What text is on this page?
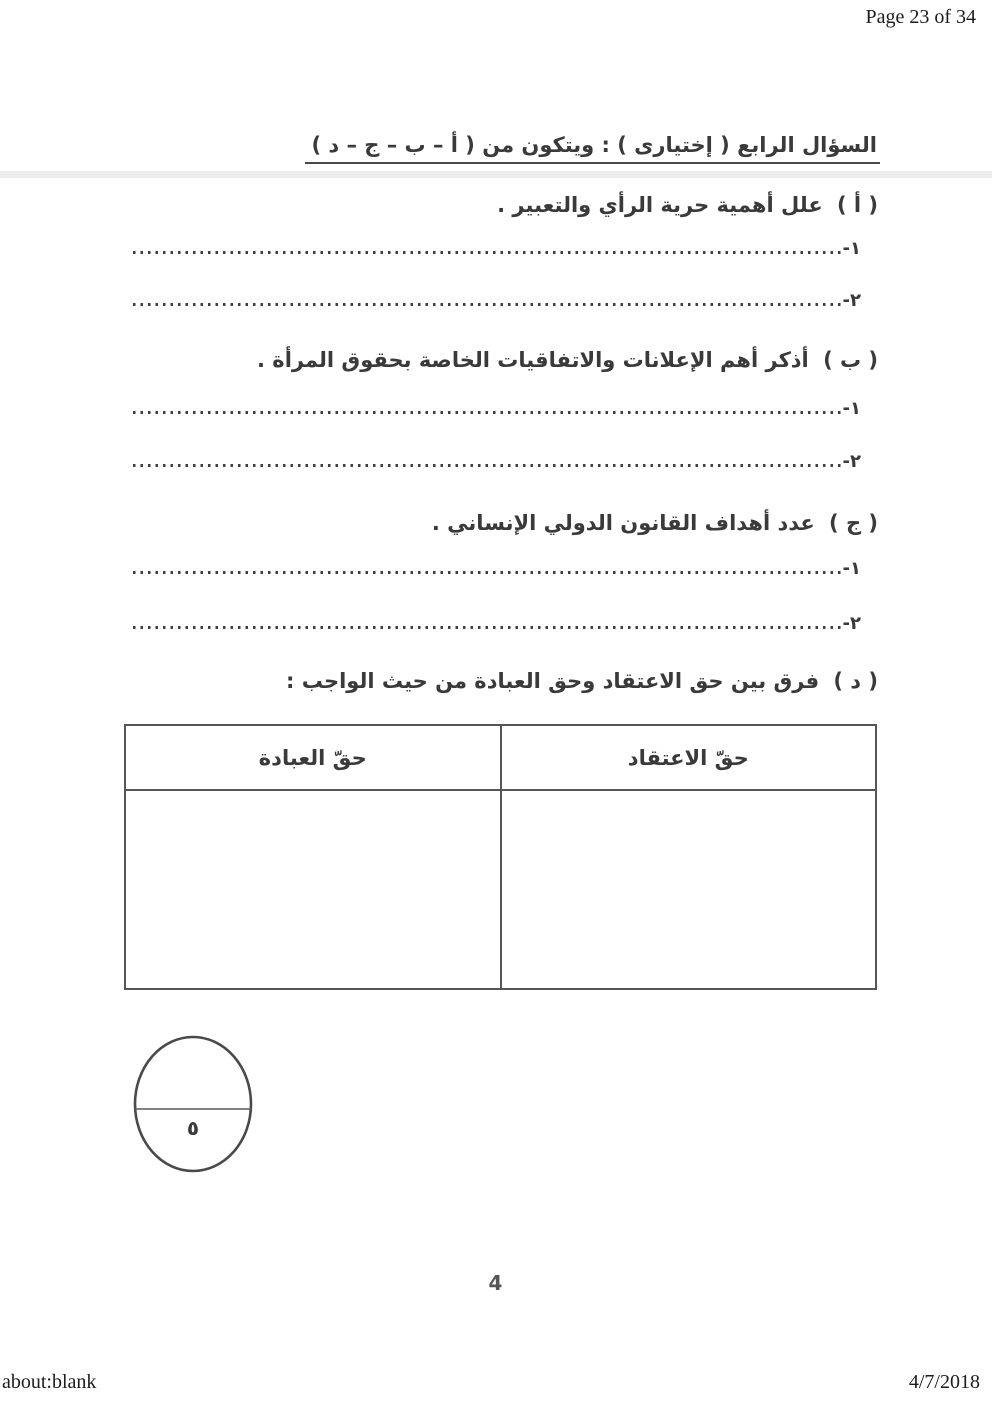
Page 23 of 34
السؤال الرابع ( إختيارى ) : ويتكون من ( أ – ب – ج – د )
( أ ) علل أهمية حرية الرأي والتعبير .
١-
٢-
( ب ) أذكر أهم الإعلانات والاتفاقيات الخاصة بحقوق المرأة .
١-
٢-
( ج ) عدد أهداف القانون الدولي الإنساني .
١-
٢-
( د ) فرق بين حق الاعتقاد وحق العبادة من حيث الواجب :
حقّ الاعتقاد	حقّ العبادة

٥
4
about:blank	4/7/2018
